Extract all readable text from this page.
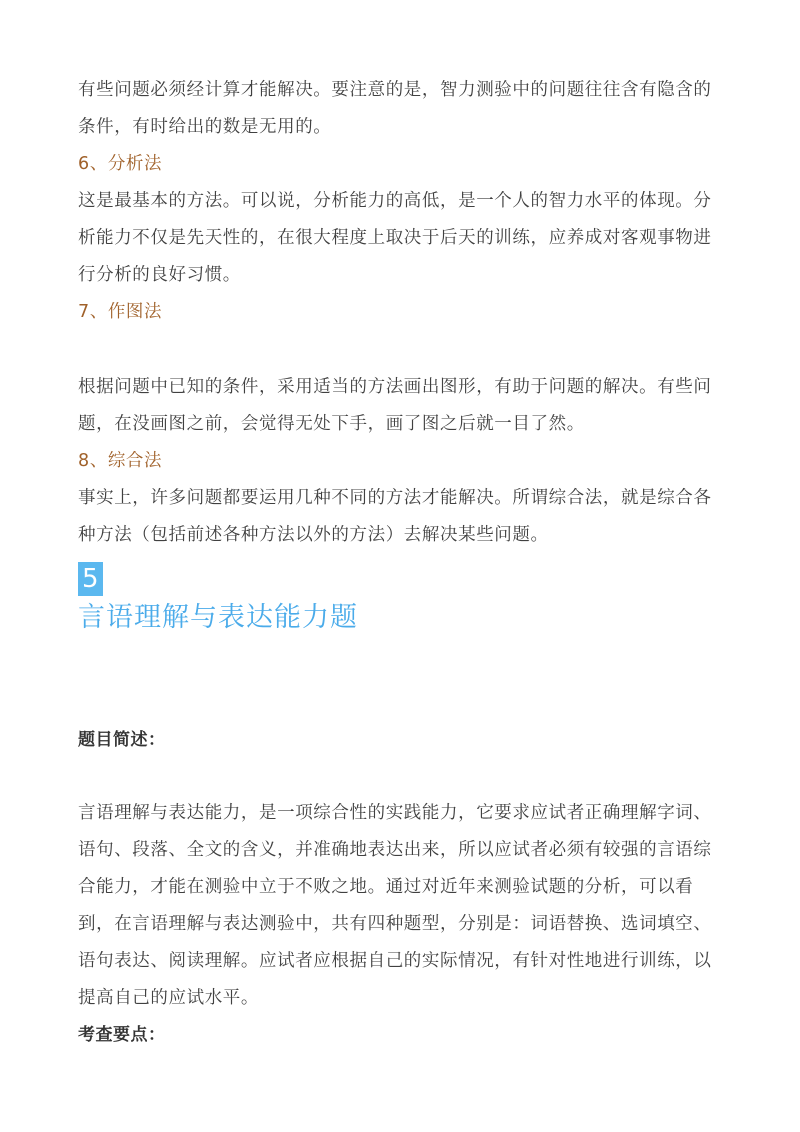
有些问题必须经计算才能解决。要注意的是，智力测验中的问题往往含有隐含的条件，有时给出的数是无用的。

6、分析法

这是最基本的方法。可以说，分析能力的高低，是一个人的智力水平的体现。分析能力不仅是先天性的，在很大程度上取决于后天的训练，应养成对客观事物进行分析的良好习惯。

7、作图法

根据问题中已知的条件，采用适当的方法画出图形，有助于问题的解决。有些问题，在没画图之前，会觉得无处下手，画了图之后就一目了然。

8、综合法

事实上，许多问题都要运用几种不同的方法才能解决。所谓综合法，就是综合各种方法（包括前述各种方法以外的方法）去解决某些问题。

5

言语理解与表达能力题

题目简述：

言语理解与表达能力，是一项综合性的实践能力，它要求应试者正确理解字词、语句、段落、全文的含义，并准确地表达出来，所以应试者必须有较强的言语综合能力，才能在测验中立于不败之地。通过对近年来测验试题的分析，可以看到，在言语理解与表达测验中，共有四种题型，分别是：词语替换、选词填空、语句表达、阅读理解。应试者应根据自己的实际情况，有针对性地进行训练，以提高自己的应试水平。

考查要点：
